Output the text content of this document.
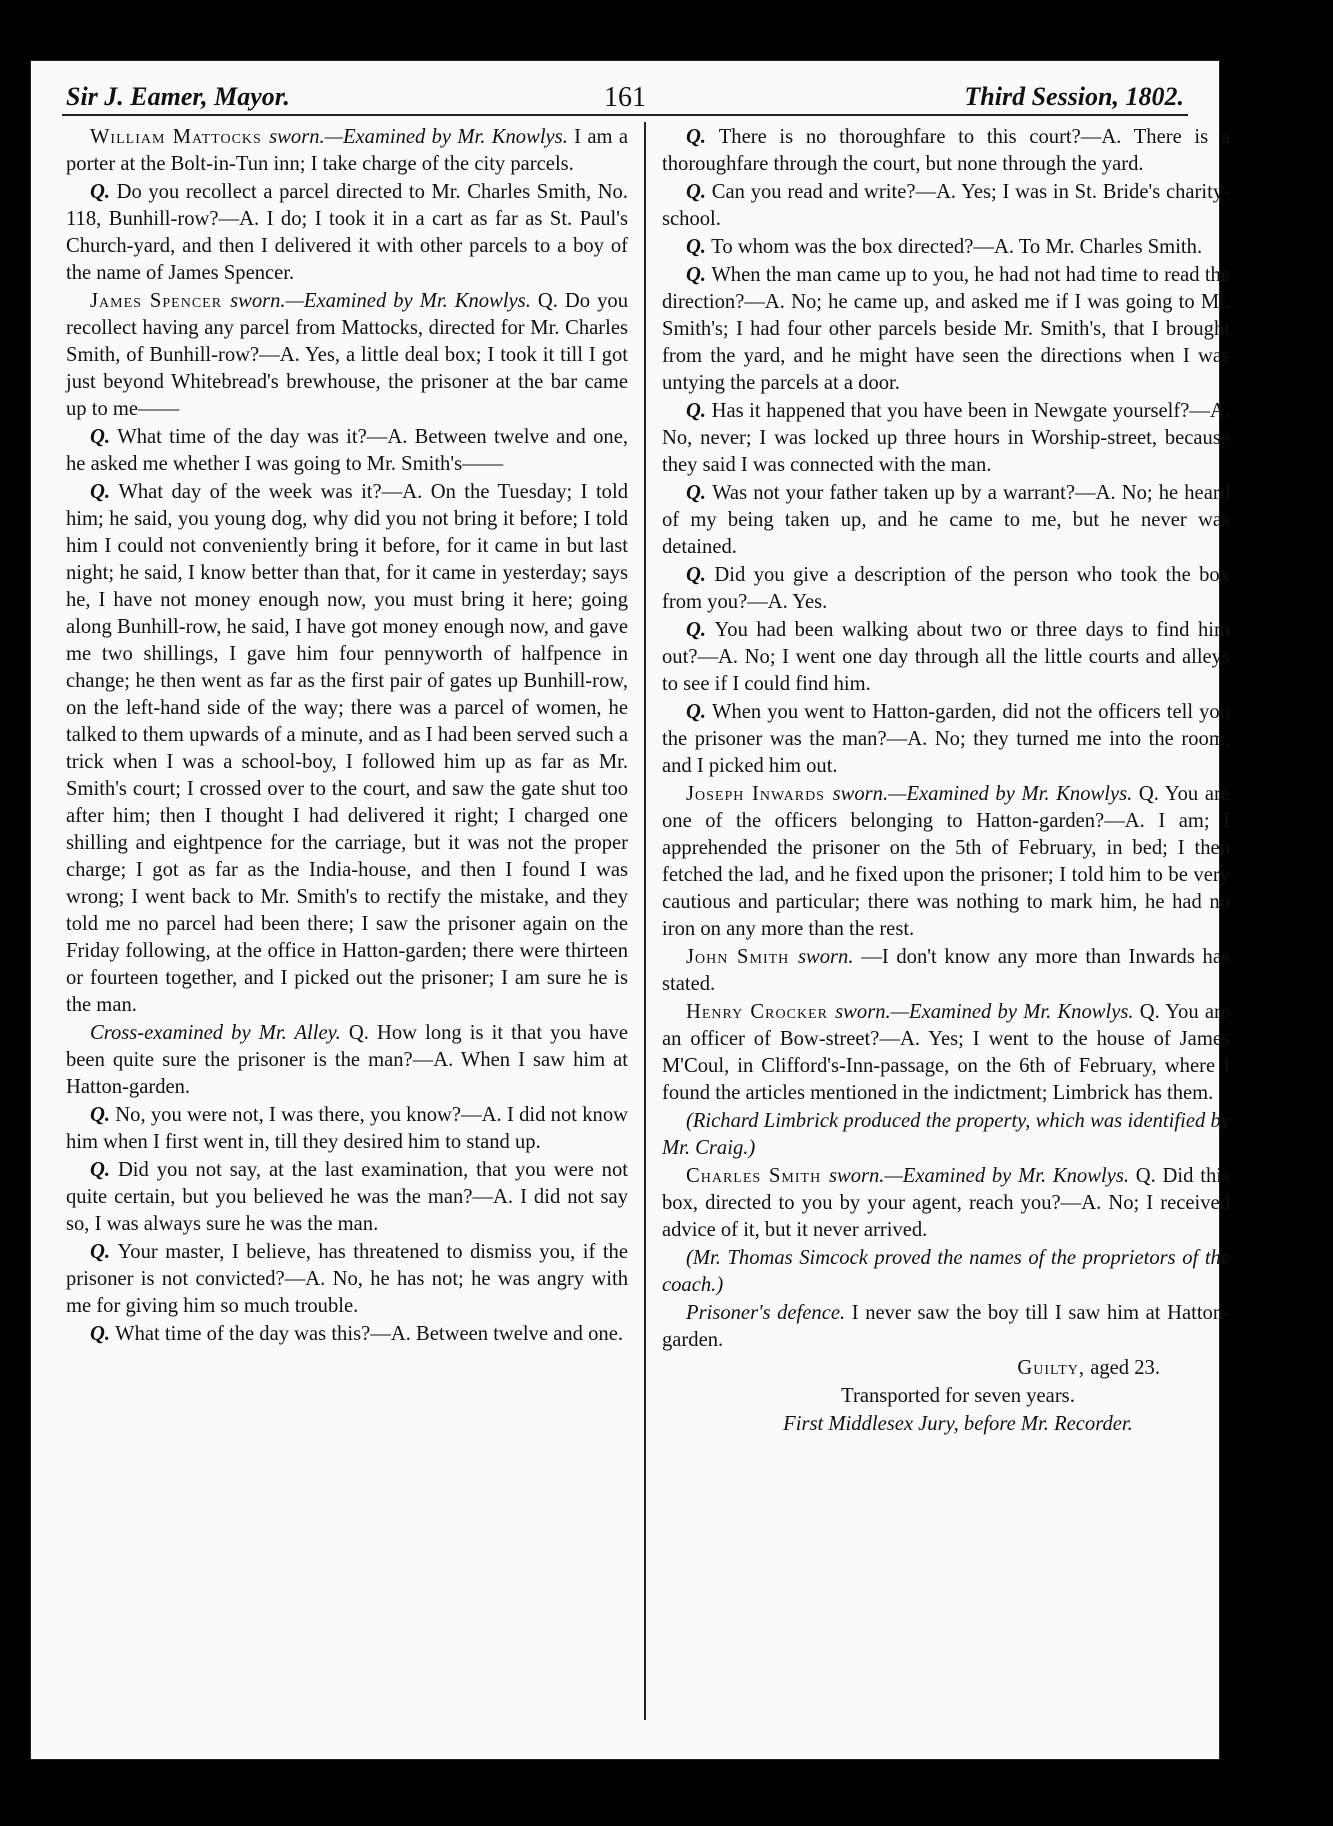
Sir J. Eamer, Mayor.	161	Third Session, 1802.

William Mattocks sworn.—Examined by Mr. Knowlys. I am a porter at the Bolt-in-Tun inn; I take charge of the city parcels.

Q. Do you recollect a parcel directed to Mr. Charles Smith, No. 118, Bunhill-row?—A. I do; I took it in a cart as far as St. Paul's Church-yard, and then I delivered it with other parcels to a boy of the name of James Spencer.

James Spencer sworn.—Examined by Mr. Knowlys. Q. Do you recollect having any parcel from Mattocks, directed for Mr. Charles Smith, of Bunhill-row?—A. Yes, a little deal box; I took it till I got just beyond Whitebread's brewhouse, the prisoner at the bar came up to me——

Q. What time of the day was it?—A. Between twelve and one, he asked me whether I was going to Mr. Smith's——

Q. What day of the week was it?—A. On the Tuesday; I told him; he said, you young dog, why did you not bring it before; I told him I could not conveniently bring it before, for it came in but last night; he said, I know better than that, for it came in yesterday; says he, I have not money enough now, you must bring it here; going along Bunhill-row, he said, I have got money enough now, and gave me two shillings, I gave him four pennyworth of halfpence in change; he then went as far as the first pair of gates up Bunhill-row, on the left-hand side of the way; there was a parcel of women, he talked to them upwards of a minute, and as I had been served such a trick when I was a school-boy, I followed him up as far as Mr. Smith's court; I crossed over to the court, and saw the gate shut too after him; then I thought I had delivered it right; I charged one shilling and eightpence for the carriage, but it was not the proper charge; I got as far as the India-house, and then I found I was wrong; I went back to Mr. Smith's to rectify the mistake, and they told me no parcel had been there; I saw the prisoner again on the Friday following, at the office in Hatton-garden; there were thirteen or fourteen together, and I picked out the prisoner; I am sure he is the man.

Cross-examined by Mr. Alley. Q. How long is it that you have been quite sure the prisoner is the man?—A. When I saw him at Hatton-garden.

Q. No, you were not, I was there, you know?—A. I did not know him when I first went in, till they desired him to stand up.

Q. Did you not say, at the last examination, that you were not quite certain, but you believed he was the man?—A. I did not say so, I was always sure he was the man.

Q. Your master, I believe, has threatened to dismiss you, if the prisoner is not convicted?—A. No, he has not; he was angry with me for giving him so much trouble.

Q. What time of the day was this?—A. Between twelve and one.

Q. There is no thoroughfare to this court?—A. There is a thoroughfare through the court, but none through the yard.

Q. Can you read and write?—A. Yes; I was in St. Bride's charity-school.

Q. To whom was the box directed?—A. To Mr. Charles Smith.

Q. When the man came up to you, he had not had time to read the direction?—A. No; he came up, and asked me if I was going to Mr. Smith's; I had four other parcels beside Mr. Smith's, that I brought from the yard, and he might have seen the directions when I was untying the parcels at a door.

Q. Has it happened that you have been in Newgate yourself?—A. No, never; I was locked up three hours in Worship-street, because they said I was connected with the man.

Q. Was not your father taken up by a warrant?—A. No; he heard of my being taken up, and he came to me, but he never was detained.

Q. Did you give a description of the person who took the box from you?—A. Yes.

Q. You had been walking about two or three days to find him out?—A. No; I went one day through all the little courts and alleys to see if I could find him.

Q. When you went to Hatton-garden, did not the officers tell you the prisoner was the man?—A. No; they turned me into the room, and I picked him out.

Joseph Inwards sworn.—Examined by Mr. Knowlys. Q. You are one of the officers belonging to Hatton-garden?—A. I am; I apprehended the prisoner on the 5th of February, in bed; I then fetched the lad, and he fixed upon the prisoner; I told him to be very cautious and particular; there was nothing to mark him, he had no iron on any more than the rest.

John Smith sworn. —I don't know any more than Inwards has stated.

Henry Crocker sworn.—Examined by Mr. Knowlys. Q. You are an officer of Bow-street?—A. Yes; I went to the house of James M'Coul, in Clifford's-Inn-passage, on the 6th of February, where I found the articles mentioned in the indictment; Limbrick has them.

(Richard Limbrick produced the property, which was identified by Mr. Craig.)

Charles Smith sworn.—Examined by Mr. Knowlys. Q. Did this box, directed to you by your agent, reach you?—A. No; I received advice of it, but it never arrived.

(Mr. Thomas Simcock proved the names of the proprietors of the coach.)

Prisoner's defence. I never saw the boy till I saw him at Hatton-garden.

Guilty, aged 23.

Transported for seven years.

First Middlesex Jury, before Mr. Recorder.
